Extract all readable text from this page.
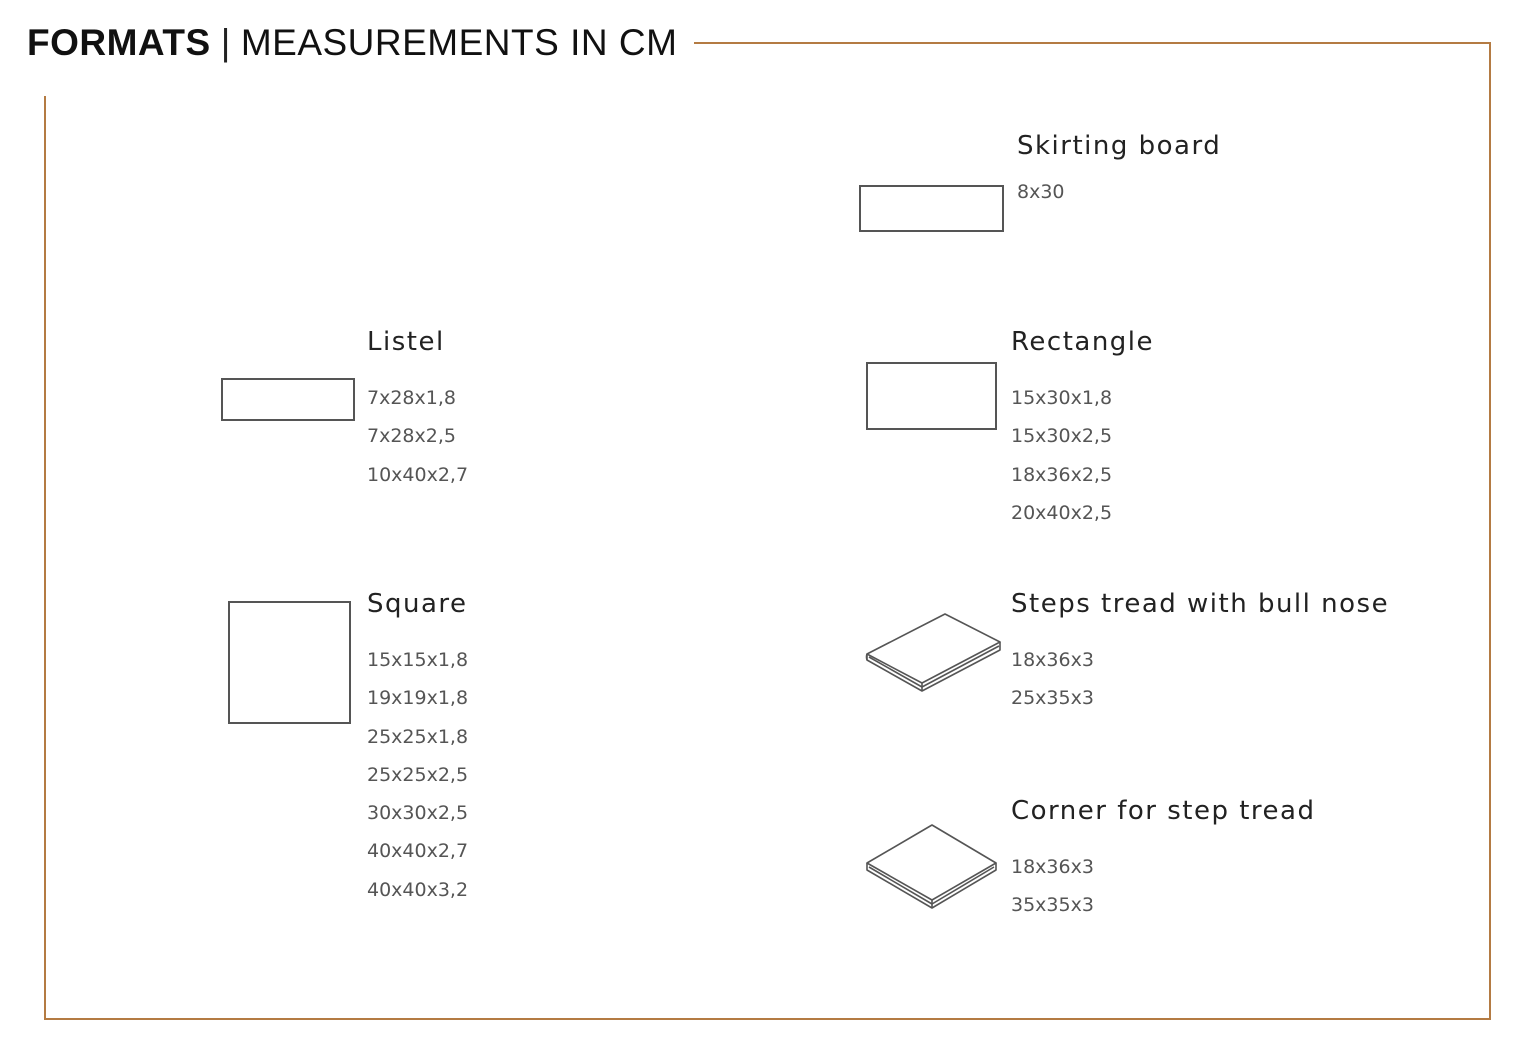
FORMATS | MEASUREMENTS IN CM
Skirting board
8x30
Listel
7x28x1,8
7x28x2,5
10x40x2,7
Rectangle
15x30x1,8
15x30x2,5
18x36x2,5
20x40x2,5
Square
15x15x1,8
19x19x1,8
25x25x1,8
25x25x2,5
30x30x2,5
40x40x2,7
40x40x3,2
Steps tread with bull nose
18x36x3
25x35x3
Corner for step tread
18x36x3
35x35x3
